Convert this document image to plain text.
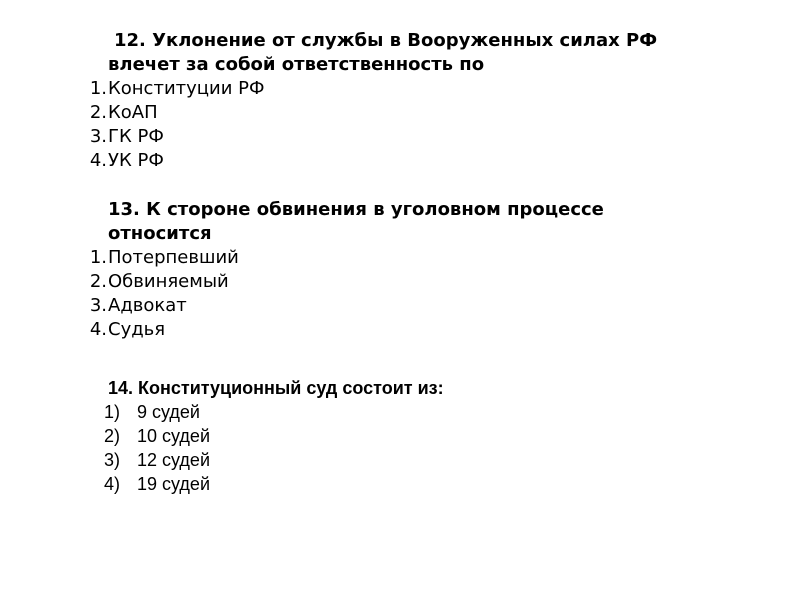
12. Уклонение от службы в Вооруженных силах РФ

влечет за собой ответственность по

1. Конституции РФ
2. КоАП
3. ГК РФ
4. УК РФ

13. К стороне обвинения в уголовном процессе

относится

1. Потерпевший
2. Обвиняемый
3. Адвокат
4. Судья

14. Конституционный суд состоит из:

1) 9 судей
2) 10 судей
3) 12 судей
4) 19 судей
